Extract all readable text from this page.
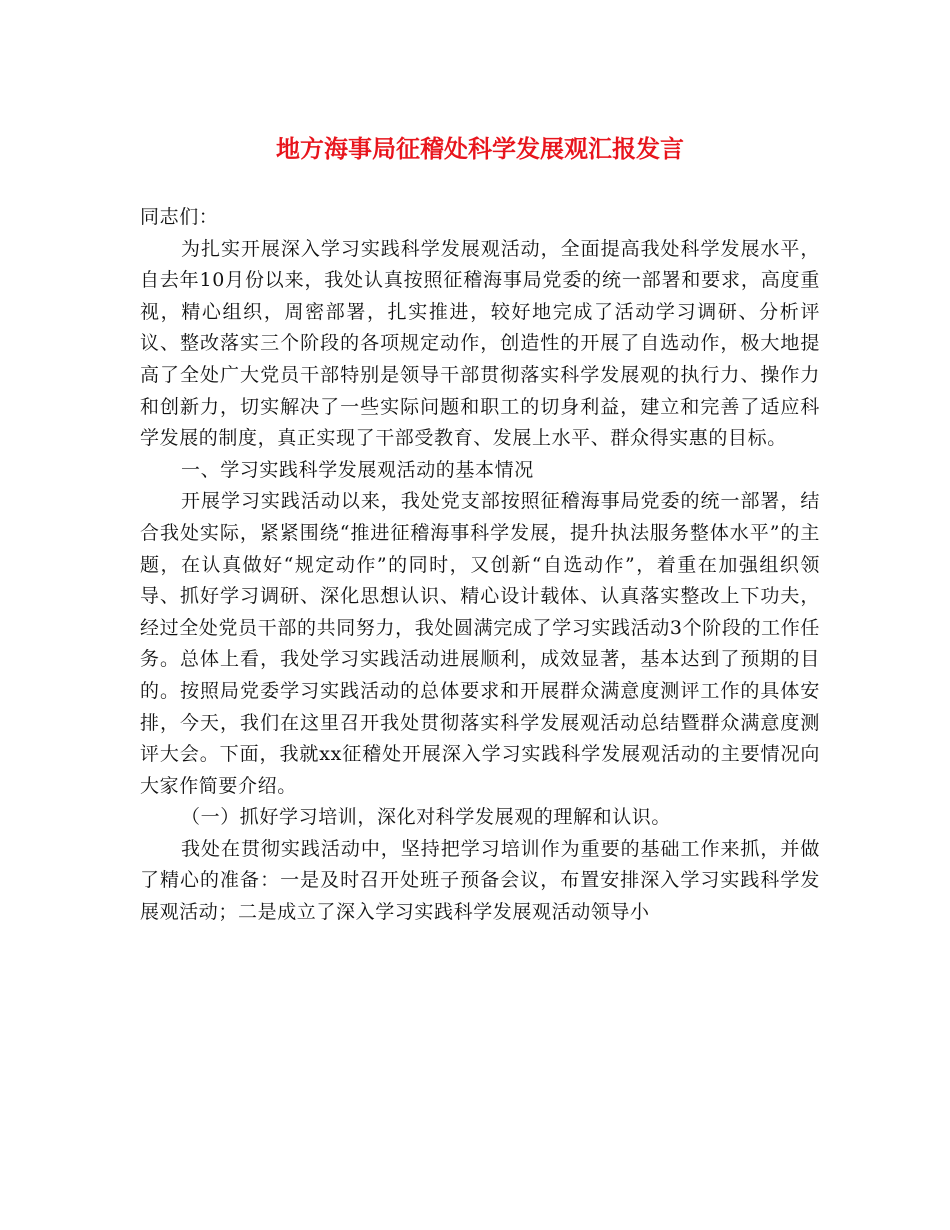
地方海事局征稽处科学发展观汇报发言

同志们：

为扎实开展深入学习实践科学发展观活动，全面提高我处科学发展水平，自去年10月份以来，我处认真按照征稽海事局党委的统一部署和要求，高度重视，精心组织，周密部署，扎实推进，较好地完成了活动学习调研、分析评议、整改落实三个阶段的各项规定动作，创造性的开展了自选动作，极大地提高了全处广大党员干部特别是领导干部贯彻落实科学发展观的执行力、操作力和创新力，切实解决了一些实际问题和职工的切身利益，建立和完善了适应科学发展的制度，真正实现了干部受教育、发展上水平、群众得实惠的目标。

一、学习实践科学发展观活动的基本情况

开展学习实践活动以来，我处党支部按照征稽海事局党委的统一部署，结合我处实际，紧紧围绕“推进征稽海事科学发展，提升执法服务整体水平”的主题，在认真做好“规定动作”的同时，又创新“自选动作”，着重在加强组织领导、抓好学习调研、深化思想认识、精心设计载体、认真落实整改上下功夫，经过全处党员干部的共同努力，我处圆满完成了学习实践活动3个阶段的工作任务。总体上看，我处学习实践活动进展顺利，成效显著，基本达到了预期的目的。按照局党委学习实践活动的总体要求和开展群众满意度测评工作的具体安排，今天，我们在这里召开我处贯彻落实科学发展观活动总结暨群众满意度测评大会。下面，我就xx征稽处开展深入学习实践科学发展观活动的主要情况向大家作简要介绍。

（一）抓好学习培训，深化对科学发展观的理解和认识。

我处在贯彻实践活动中，坚持把学习培训作为重要的基础工作来抓，并做了精心的准备：一是及时召开处班子预备会议，布置安排深入学习实践科学发展观活动；二是成立了深入学习实践科学发展观活动领导小
